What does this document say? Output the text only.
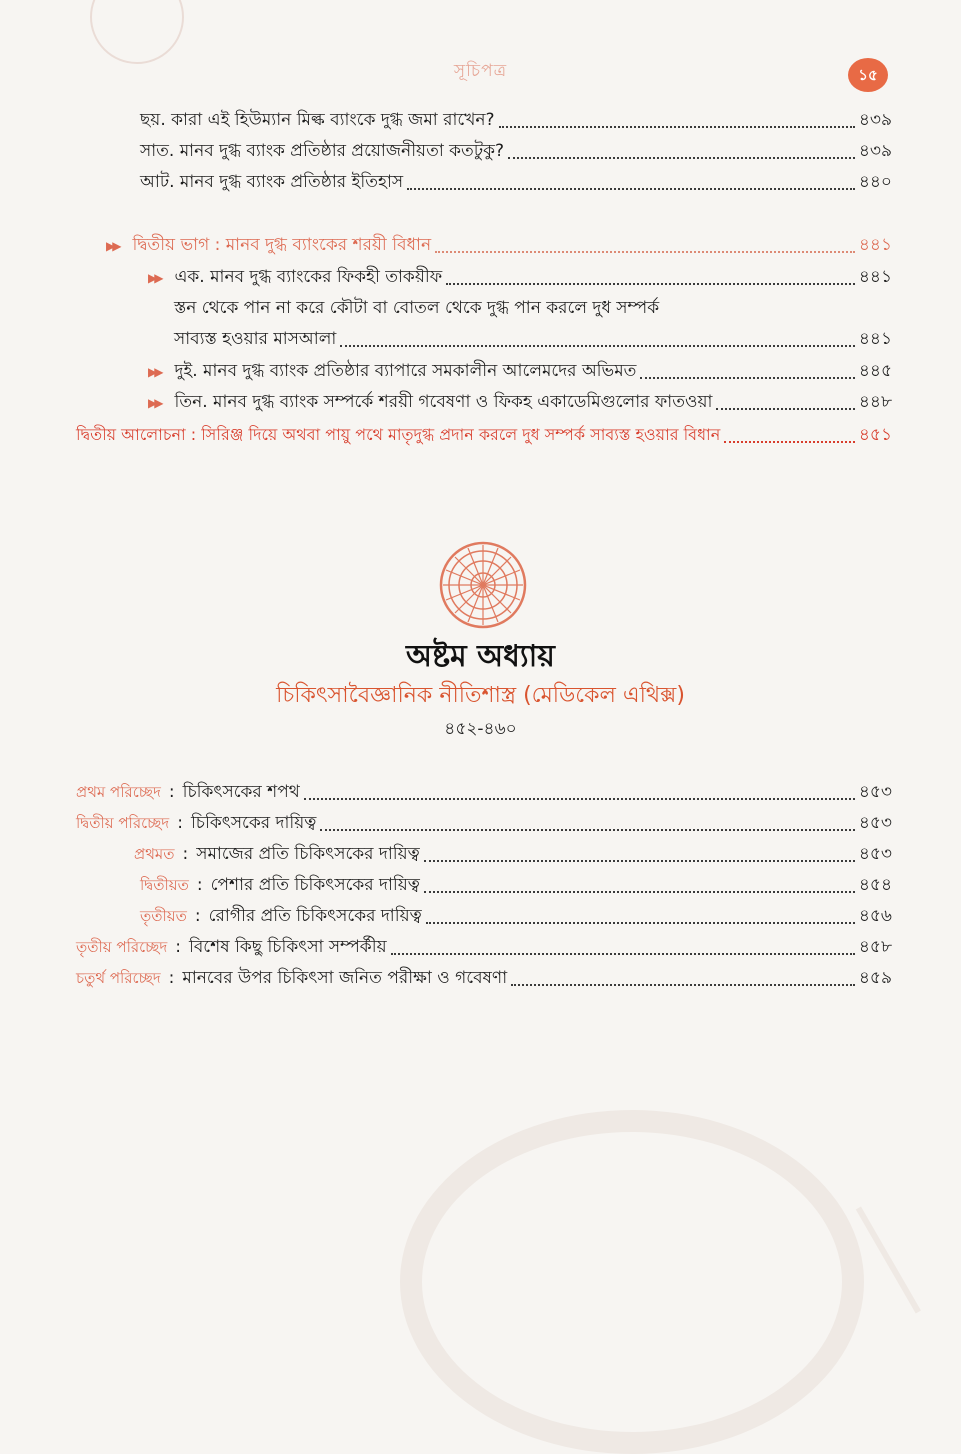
সূচিপত্র	১৫
ছয়. কারা এই হিউম্যান মিল্ক ব্যাংকে দুগ্ধ জমা রাখেন?	৪৩৯
সাত. মানব দুগ্ধ ব্যাংক প্রতিষ্ঠার প্রয়োজনীয়তা কতটুকু?	৪৩৯
আট. মানব দুগ্ধ ব্যাংক প্রতিষ্ঠার ইতিহাস	৪৪০
▶▶ দ্বিতীয় ভাগ : মানব দুগ্ধ ব্যাংকের শরয়ী বিধান	৪৪১
▶▶ এক. মানব দুগ্ধ ব্যাংকের ফিকহী তাকয়ীফ	৪৪১
স্তন থেকে পান না করে কৌটা বা বোতল থেকে দুগ্ধ পান করলে দুধ সম্পর্ক
সাব্যস্ত হওয়ার মাসআলা	৪৪১
▶▶ দুই. মানব দুগ্ধ ব্যাংক প্রতিষ্ঠার ব্যাপারে সমকালীন আলেমদের অভিমত	৪৪৫
▶▶ তিন. মানব দুগ্ধ ব্যাংক সম্পর্কে শরয়ী গবেষণা ও ফিকহ একাডেমিগুলোর ফাতওয়া	৪৪৮
দ্বিতীয় আলোচনা : সিরিঞ্জ দিয়ে অথবা পায়ু পথে মাতৃদুগ্ধ প্রদান করলে দুধ সম্পর্ক সাব্যস্ত হওয়ার বিধান	৪৫১
অষ্টম অধ্যায়
চিকিৎসাবৈজ্ঞানিক নীতিশাস্ত্র (মেডিকেল এথিক্স)
৪৫২-৪৬০
প্রথম পরিচ্ছেদ : চিকিৎসকের শপথ	৪৫৩
দ্বিতীয় পরিচ্ছেদ : চিকিৎসকের দায়িত্ব	৪৫৩
প্রথমত : সমাজের প্রতি চিকিৎসকের দায়িত্ব	৪৫৩
দ্বিতীয়ত : পেশার প্রতি চিকিৎসকের দায়িত্ব	৪৫৪
তৃতীয়ত : রোগীর প্রতি চিকিৎসকের দায়িত্ব	৪৫৬
তৃতীয় পরিচ্ছেদ : বিশেষ কিছু চিকিৎসা সম্পর্কীয়	৪৫৮
চতুর্থ পরিচ্ছেদ : মানবের উপর চিকিৎসা জনিত পরীক্ষা ও গবেষণা	৪৫৯
